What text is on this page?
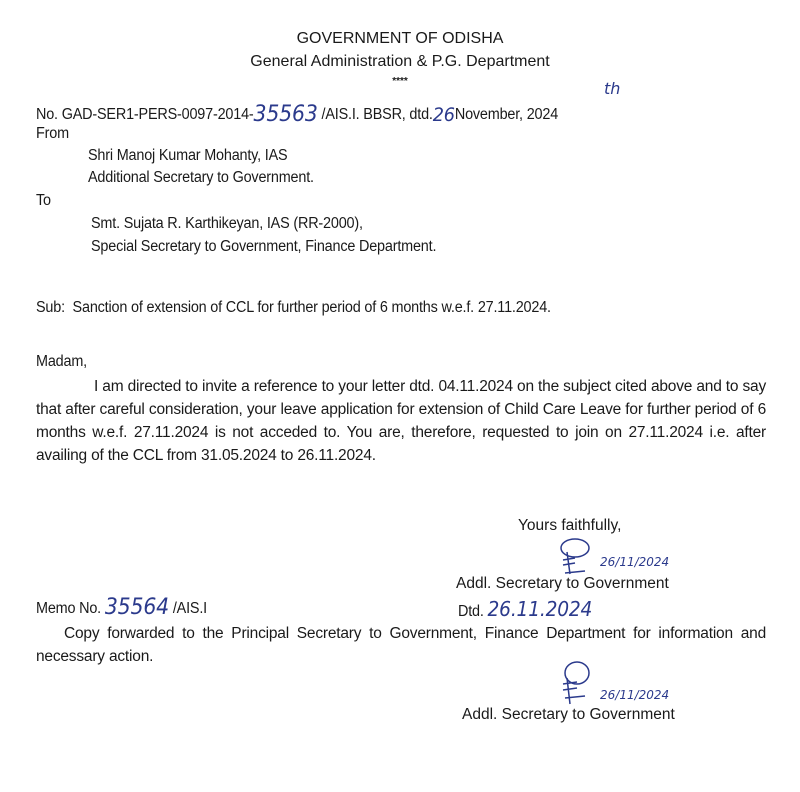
GOVERNMENT OF ODISHA
General Administration & P.G. Department
****
No. GAD-SER1-PERS-0097-2014-35563 /AIS.I. BBSR, dtd.26November, 2024
th
From
Shri Manoj Kumar Mohanty, IAS
Additional Secretary to Government.
To
Smt. Sujata R. Karthikeyan, IAS (RR-2000),
Special Secretary to Government, Finance Department.
Sub: Sanction of extension of CCL for further period of 6 months w.e.f. 27.11.2024.
Madam,
I am directed to invite a reference to your letter dtd. 04.11.2024 on the subject cited above and to say that after careful consideration, your leave application for extension of Child Care Leave for further period of 6 months w.e.f. 27.11.2024 is not acceded to. You are, therefore, requested to join on 27.11.2024 i.e. after availing of the CCL from 31.05.2024 to 26.11.2024.
Yours faithfully,
26/11/2024
Addl. Secretary to Government
Memo No. 35564 /AIS.I	Dtd. 26.11.2024
Copy forwarded to the Principal Secretary to Government, Finance Department for information and necessary action.
26/11/2024
Addl. Secretary to Government
